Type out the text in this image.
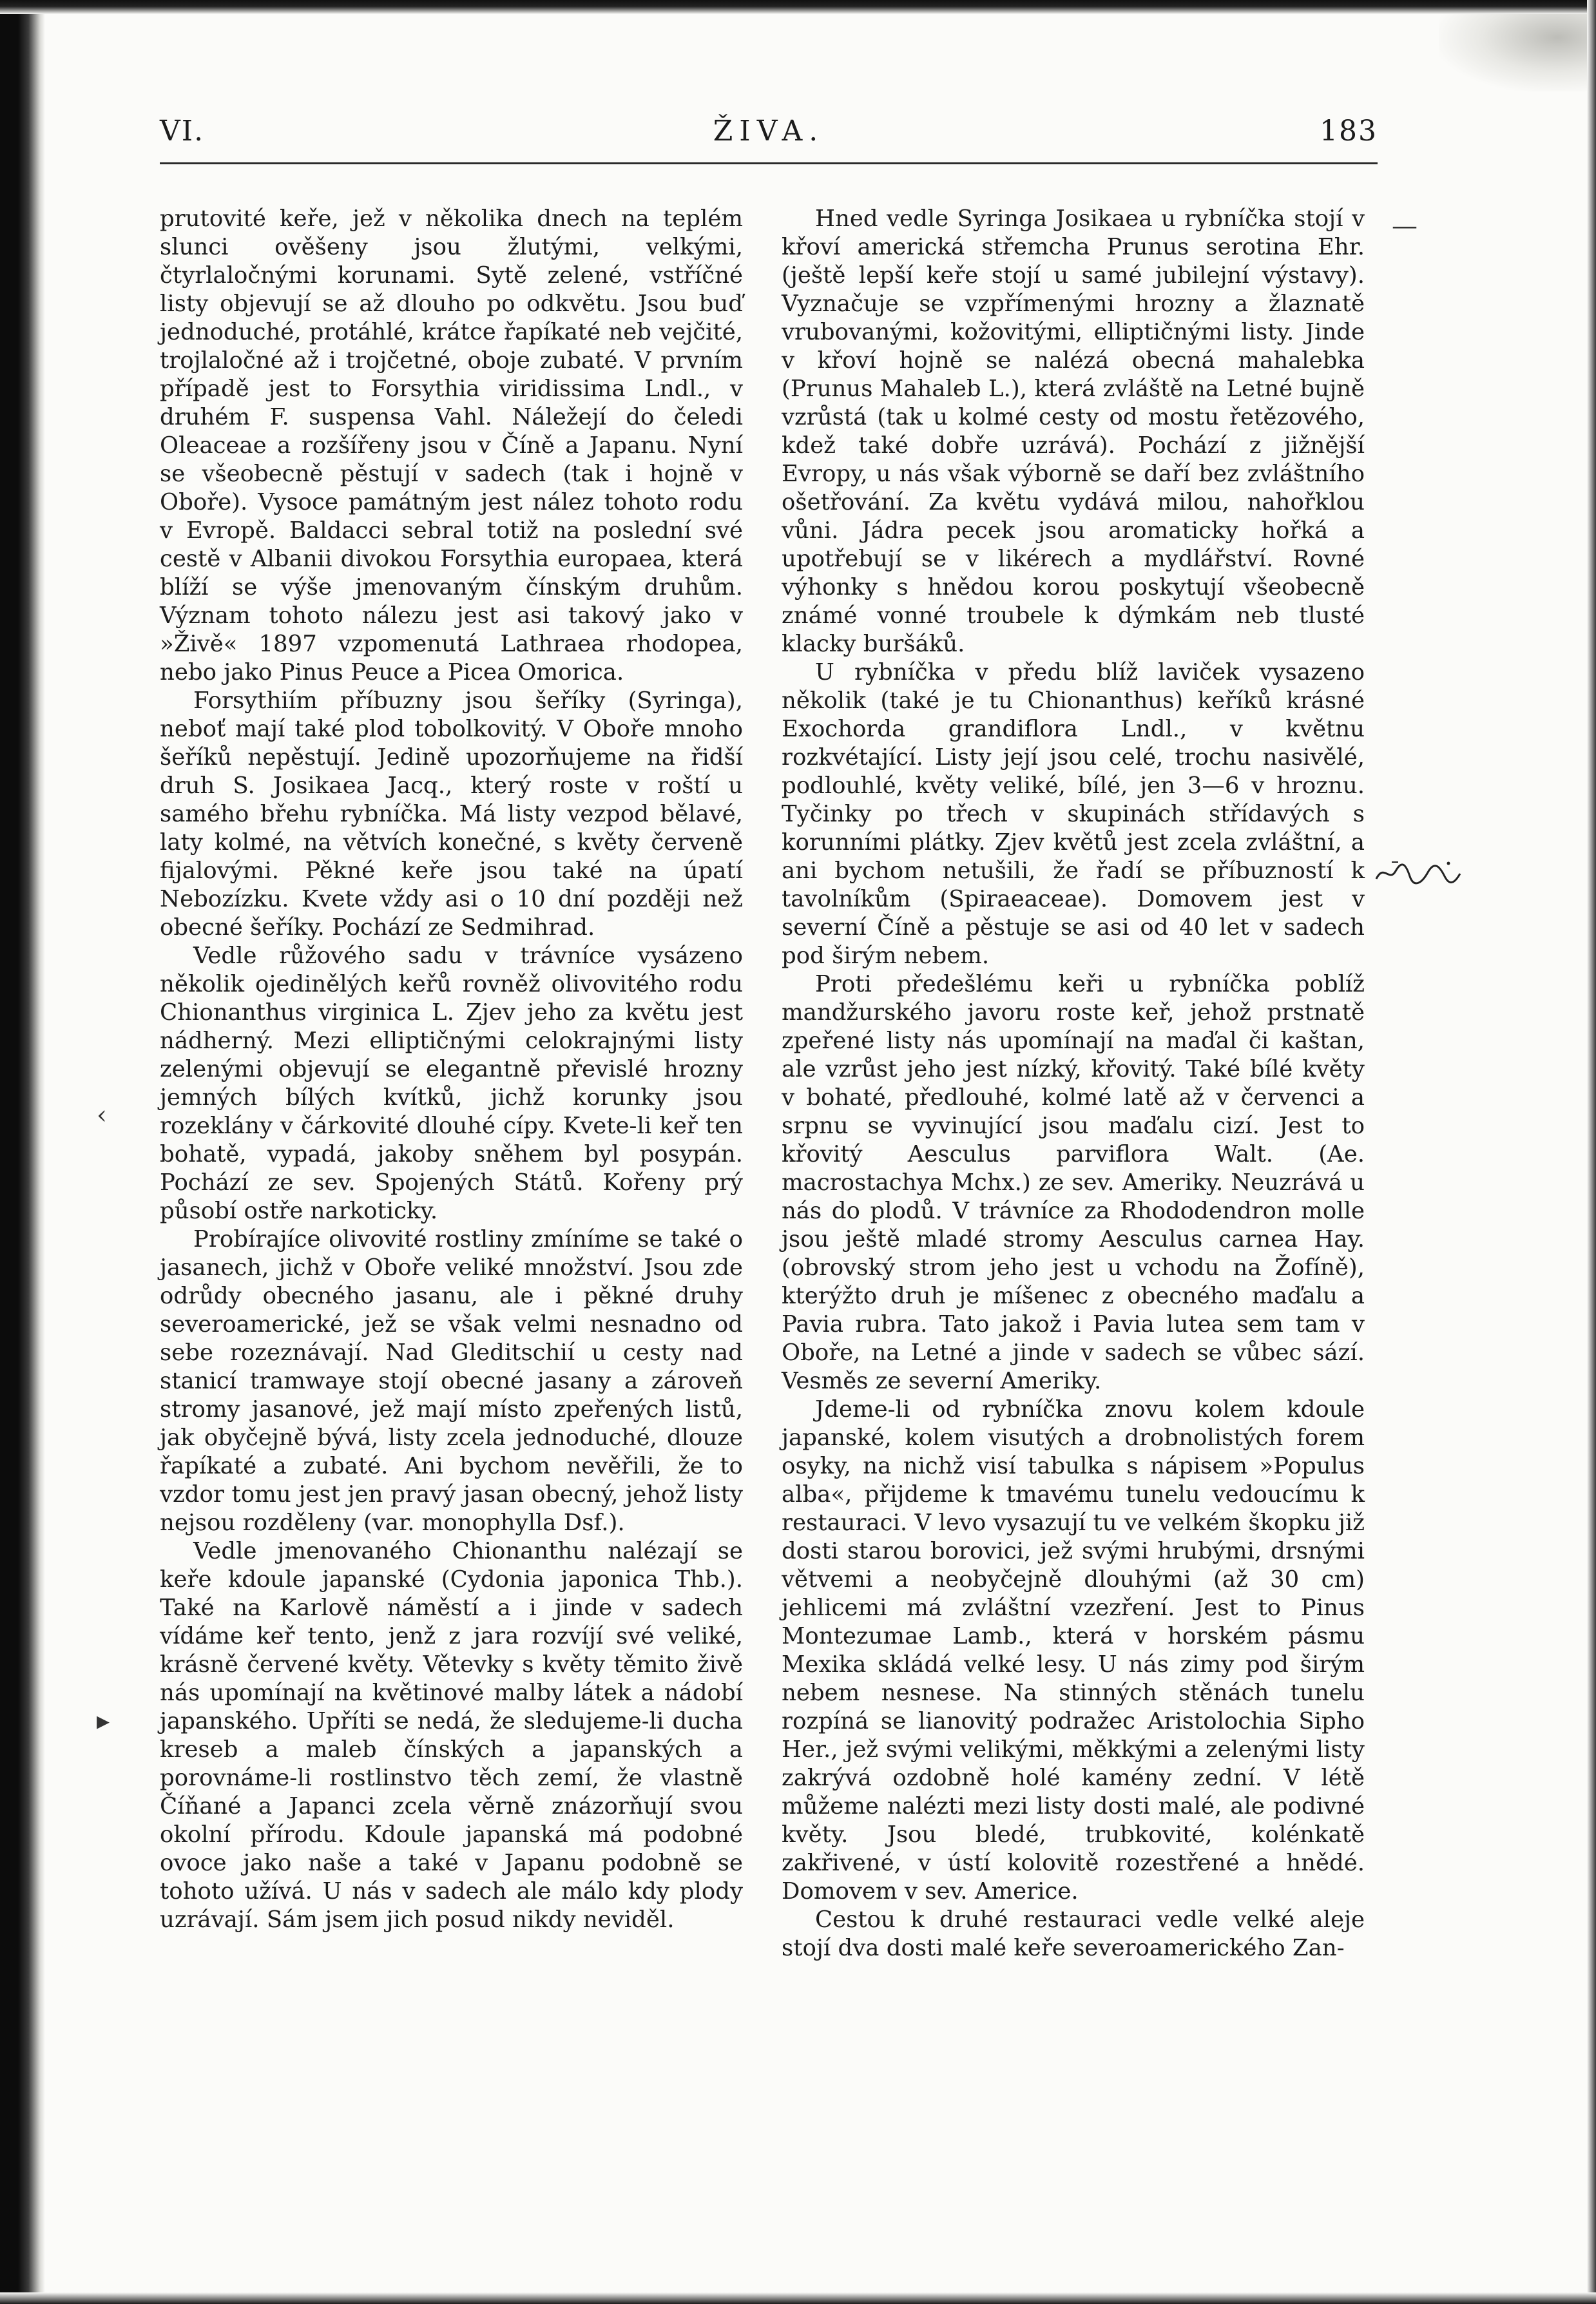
VI.	ŽIVA.	183

prutovité keře, jež v několika dnech na teplém slunci ověšeny jsou žlutými, velkými, čtyrlaločnými korunami. Sytě zelené, vstříčné listy objevují se až dlouho po odkvětu. Jsou buď jednoduché, protáhlé, krátce řapíkaté neb vejčité, trojlaločné až i trojčetné, oboje zubaté. V prvním případě jest to Forsythia viridissima Lndl., v druhém F. suspensa Vahl. Náležejí do čeledi Oleaceae a rozšířeny jsou v Číně a Japanu. Nyní se všeobecně pěstují v sadech (tak i hojně v Oboře). Vysoce památným jest nález tohoto rodu v Evropě. Baldacci sebral totiž na poslední své cestě v Albanii divokou Forsythia europaea, která blíží se výše jmenovaným čínským druhům. Význam tohoto nálezu jest asi takový jako v »Živě« 1897 vzpomenutá Lathraea rhodopea, nebo jako Pinus Peuce a Picea Omorica.

Forsythiím příbuzny jsou šeříky (Syringa), neboť mají také plod tobolkovitý. V Oboře mnoho šeříků nepěstují. Jedině upozorňujeme na řidší druh S. Josikaea Jacq., který roste v roští u samého břehu rybníčka. Má listy vezpod bělavé, laty kolmé, na větvích konečné, s květy červeně fijalovými. Pěkné keře jsou také na úpatí Nebozízku. Kvete vždy asi o 10 dní později než obecné šeříky. Pochází ze Sedmihrad.

Vedle růžového sadu v trávníce vysázeno několik ojedinělých keřů rovněž olivovitého rodu Chionanthus virginica L. Zjev jeho za květu jest nádherný. Mezi elliptičnými celokrajnými listy zelenými objevují se elegantně převislé hrozny jemných bílých kvítků, jichž korunky jsou rozeklány v čárkovité dlouhé cípy. Kvete-li keř ten bohatě, vypadá, jakoby sněhem byl posypán. Pochází ze sev. Spojených Států. Kořeny prý působí ostře narkoticky.

Probírajíce olivovité rostliny zmíníme se také o jasanech, jichž v Oboře veliké množství. Jsou zde odrůdy obecného jasanu, ale i pěkné druhy severoamerické, jež se však velmi nesnadno od sebe rozeznávají. Nad Gleditschií u cesty nad stanicí tramwaye stojí obecné jasany a zároveň stromy jasanové, jež mají místo zpeřených listů, jak obyčejně bývá, listy zcela jednoduché, dlouze řapíkaté a zubaté. Ani bychom nevěřili, že to vzdor tomu jest jen pravý jasan obecný, jehož listy nejsou rozděleny (var. monophylla Dsf.).

Vedle jmenovaného Chionanthu nalézají se keře kdoule japanské (Cydonia japonica Thb.). Také na Karlově náměstí a i jinde v sadech vídáme keř tento, jenž z jara rozvíjí své veliké, krásně červené květy. Větevky s květy těmito živě nás upomínají na květinové malby látek a nádobí japanského. Upříti se nedá, že sledujeme-li ducha kreseb a maleb čínských a japanských a porovnáme-li rostlinstvo těch zemí, že vlastně Číňané a Japanci zcela věrně znázorňují svou okolní přírodu. Kdoule japanská má podobné ovoce jako naše a také v Japanu podobně se tohoto užívá. U nás v sadech ale málo kdy plody uzrávají. Sám jsem jich posud nikdy neviděl.

Hned vedle Syringa Josikaea u rybníčka stojí v křoví americká střemcha Prunus serotina Ehr. (ještě lepší keře stojí u samé jubilejní výstavy). Vyznačuje se vzpřímenými hrozny a žlaznatě vrubovanými, kožovitými, elliptičnými listy. Jinde v křoví hojně se nalézá obecná mahalebka (Prunus Mahaleb L.), která zvláště na Letné bujně vzrůstá (tak u kolmé cesty od mostu řetězového, kdež také dobře uzrává). Pochází z jižnější Evropy, u nás však výborně se daří bez zvláštního ošetřování. Za květu vydává milou, nahořklou vůni. Jádra pecek jsou aromaticky hořká a upotřebují se v likérech a mydlářství. Rovné výhonky s hnědou korou poskytují všeobecně známé vonné troubele k dýmkám neb tlusté klacky buršáků.

U rybníčka v předu blíž laviček vysazeno několik (také je tu Chionanthus) keříků krásné Exochorda grandiflora Lndl., v květnu rozkvétající. Listy její jsou celé, trochu nasivělé, podlouhlé, květy veliké, bílé, jen 3—6 v hroznu. Tyčinky po třech v skupinách střídavých s korunními plátky. Zjev květů jest zcela zvláštní, a ani bychom netušili, že řadí se příbuzností k tavolníkům (Spiraeaceae). Domovem jest v severní Číně a pěstuje se asi od 40 let v sadech pod širým nebem.

Proti předešlému keři u rybníčka poblíž mandžurského javoru roste keř, jehož prstnatě zpeřené listy nás upomínají na maďal či kaštan, ale vzrůst jeho jest nízký, křovitý. Také bílé květy v bohaté, předlouhé, kolmé latě až v červenci a srpnu se vyvinující jsou maďalu cizí. Jest to křovitý Aesculus parviflora Walt. (Ae. macrostachya Mchx.) ze sev. Ameriky. Neuzrává u nás do plodů. V trávníce za Rhododendron molle jsou ještě mladé stromy Aesculus carnea Hay. (obrovský strom jeho jest u vchodu na Žofíně), kterýžto druh je míšenec z obecného maďalu a Pavia rubra. Tato jakož i Pavia lutea sem tam v Oboře, na Letné a jinde v sadech se vůbec sází. Vesměs ze severní Ameriky.

Jdeme-li od rybníčka znovu kolem kdoule japanské, kolem visutých a drobnolistých forem osyky, na nichž visí tabulka s nápisem »Populus alba«, přijdeme k tmavému tunelu vedoucímu k restauraci. V levo vysazují tu ve velkém škopku již dosti starou borovici, jež svými hrubými, drsnými větvemi a neobyčejně dlouhými (až 30 cm) jehlicemi má zvláštní vzezření. Jest to Pinus Montezumae Lamb., která v horském pásmu Mexika skládá velké lesy. U nás zimy pod širým nebem nesnese. Na stinných stěnách tunelu rozpíná se lianovitý podražec Aristolochia Sipho Her., jež svými velikými, měkkými a zelenými listy zakrývá ozdobně holé kamény zední. V létě můžeme nalézti mezi listy dosti malé, ale podivné květy. Jsou bledé, trubkovité, kolénkatě zakřivené, v ústí kolovitě rozestřené a hnědé. Domovem v sev. Americe.

Cestou k druhé restauraci vedle velké aleje stojí dva dosti malé keře severoamerického Zan-

‹
▸
—
